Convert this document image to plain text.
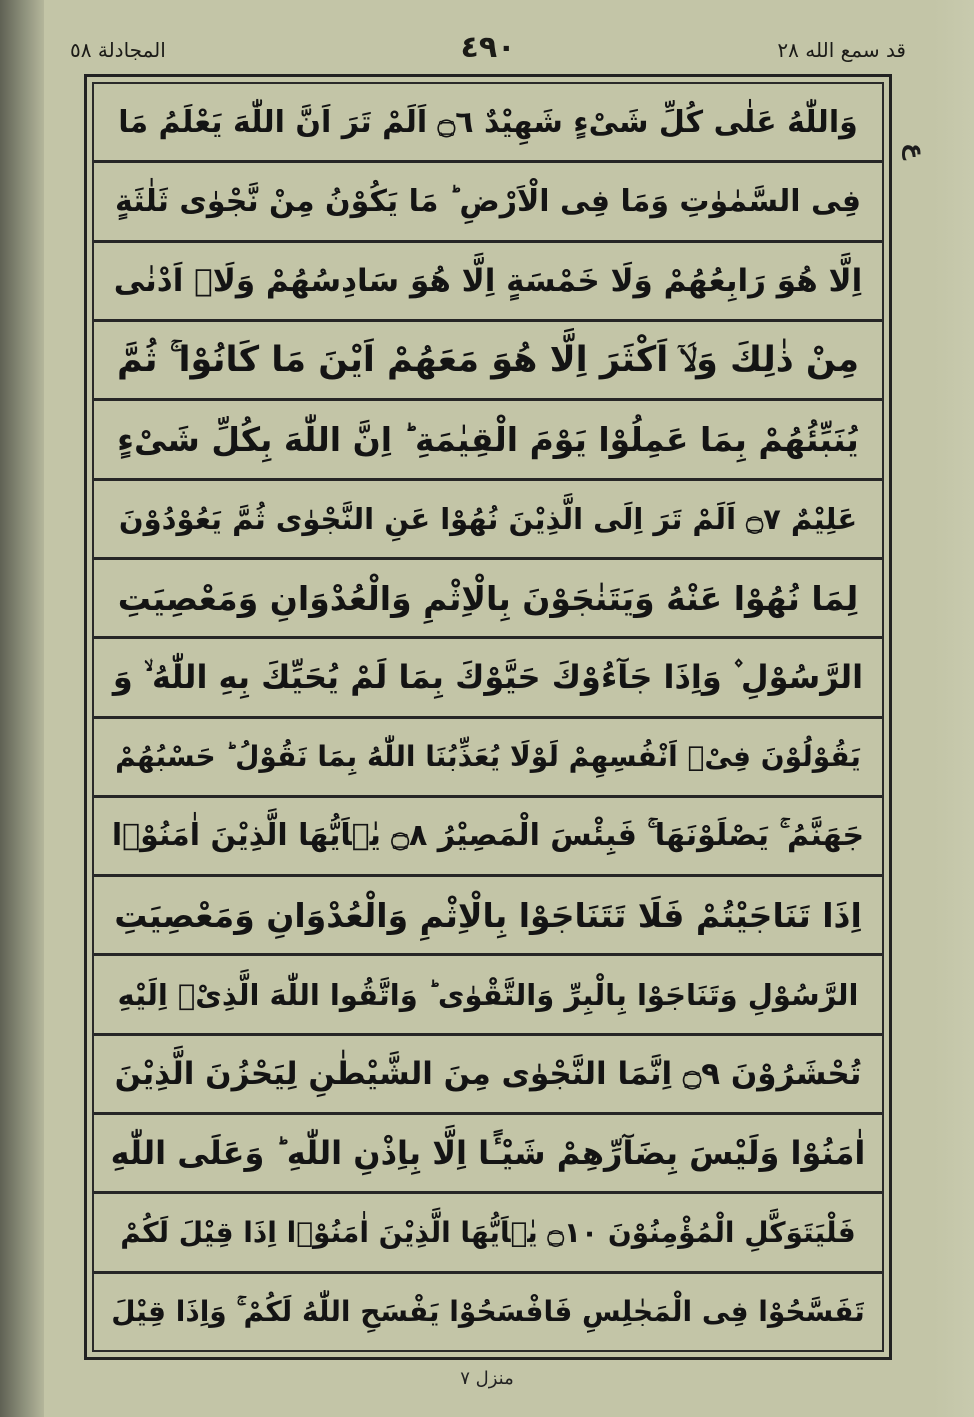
قد سمع الله ٢٨
٤٩٠
المجادلة ٥٨
ع
وَاللّٰهُ عَلٰى كُلِّ شَىْءٍ شَهِيْدٌ ۝٦ اَلَمْ تَرَ اَنَّ اللّٰهَ يَعْلَمُ مَا
فِى السَّمٰوٰتِ وَمَا فِى الْاَرْضِ ؕ مَا يَكُوْنُ مِنْ نَّجْوٰى ثَلٰثَةٍ
اِلَّا هُوَ رَابِعُهُمْ وَلَا خَمْسَةٍ اِلَّا هُوَ سَادِسُهُمْ وَلَاۤ اَدْنٰى
مِنْ ذٰلِكَ وَلَاۤ اَكْثَرَ اِلَّا هُوَ مَعَهُمْ اَيْنَ مَا كَانُوْا ۚ ثُمَّ
يُنَبِّئُهُمْ بِمَا عَمِلُوْا يَوْمَ الْقِيٰمَةِ ؕ اِنَّ اللّٰهَ بِكُلِّ شَىْءٍ
عَلِيْمٌ ۝٧ اَلَمْ تَرَ اِلَى الَّذِيْنَ نُهُوْا عَنِ النَّجْوٰى ثُمَّ يَعُوْدُوْنَ
لِمَا نُهُوْا عَنْهُ وَيَتَنٰجَوْنَ بِالْاِثْمِ وَالْعُدْوَانِ وَمَعْصِيَتِ
الرَّسُوْلِ ۫ وَاِذَا جَآءُوْكَ حَيَّوْكَ بِمَا لَمْ يُحَيِّكَ بِهِ اللّٰهُ ۙ وَ
يَقُوْلُوْنَ فِىْۤ اَنْفُسِهِمْ لَوْلَا يُعَذِّبُنَا اللّٰهُ بِمَا نَقُوْلُ ؕ حَسْبُهُمْ
جَهَنَّمُ ۚ يَصْلَوْنَهَا ۚ فَبِئْسَ الْمَصِيْرُ ۝٨ يٰۤاَيُّهَا الَّذِيْنَ اٰمَنُوْۤا
اِذَا تَنَاجَيْتُمْ فَلَا تَتَنَاجَوْا بِالْاِثْمِ وَالْعُدْوَانِ وَمَعْصِيَتِ
الرَّسُوْلِ وَتَنَاجَوْا بِالْبِرِّ وَالتَّقْوٰى ؕ وَاتَّقُوا اللّٰهَ الَّذِىْۤ اِلَيْهِ
تُحْشَرُوْنَ ۝٩ اِنَّمَا النَّجْوٰى مِنَ الشَّيْطٰنِ لِيَحْزُنَ الَّذِيْنَ
اٰمَنُوْا وَلَيْسَ بِضَآرِّهِمْ شَيْـًٔا اِلَّا بِاِذْنِ اللّٰهِ ؕ وَعَلَى اللّٰهِ
فَلْيَتَوَكَّلِ الْمُؤْمِنُوْنَ ۝١٠ يٰۤاَيُّهَا الَّذِيْنَ اٰمَنُوْۤا اِذَا قِيْلَ لَكُمْ
تَفَسَّحُوْا فِى الْمَجٰلِسِ فَافْسَحُوْا يَفْسَحِ اللّٰهُ لَكُمْ ۚ وَاِذَا قِيْلَ
منزل ٧
